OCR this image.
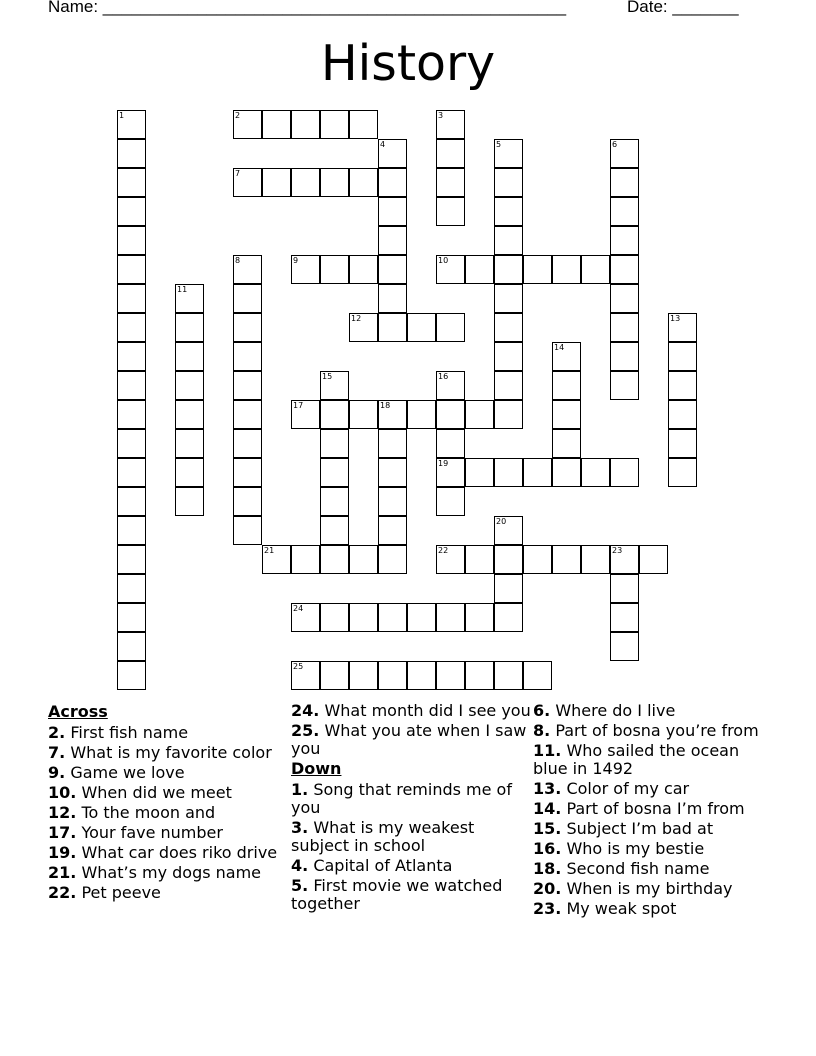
Name: _________________________________________________	Date: _______
History
1	2	3
4	5	6
7
8	9	10
11
12	13
14
15	16
19
17	18
20
21	22	23
24
25
Across
2. First fish name
7. What is my favorite color
9. Game we love
10. When did we meet
12. To the moon and
17. Your fave number
19. What car does riko drive
21. What’s my dogs name
22. Pet peeve
24. What month did I see you
25. What you ate when I saw you
Down
1. Song that reminds me of you
3. What is my weakest subject in school
4. Capital of Atlanta
5. First movie we watched together
6. Where do I live
8. Part of bosna you’re from
11. Who sailed the ocean blue in 1492
13. Color of my car
14. Part of bosna I’m from
15. Subject I’m bad at
16. Who is my bestie
18. Second fish name
20. When is my birthday
23. My weak spot
